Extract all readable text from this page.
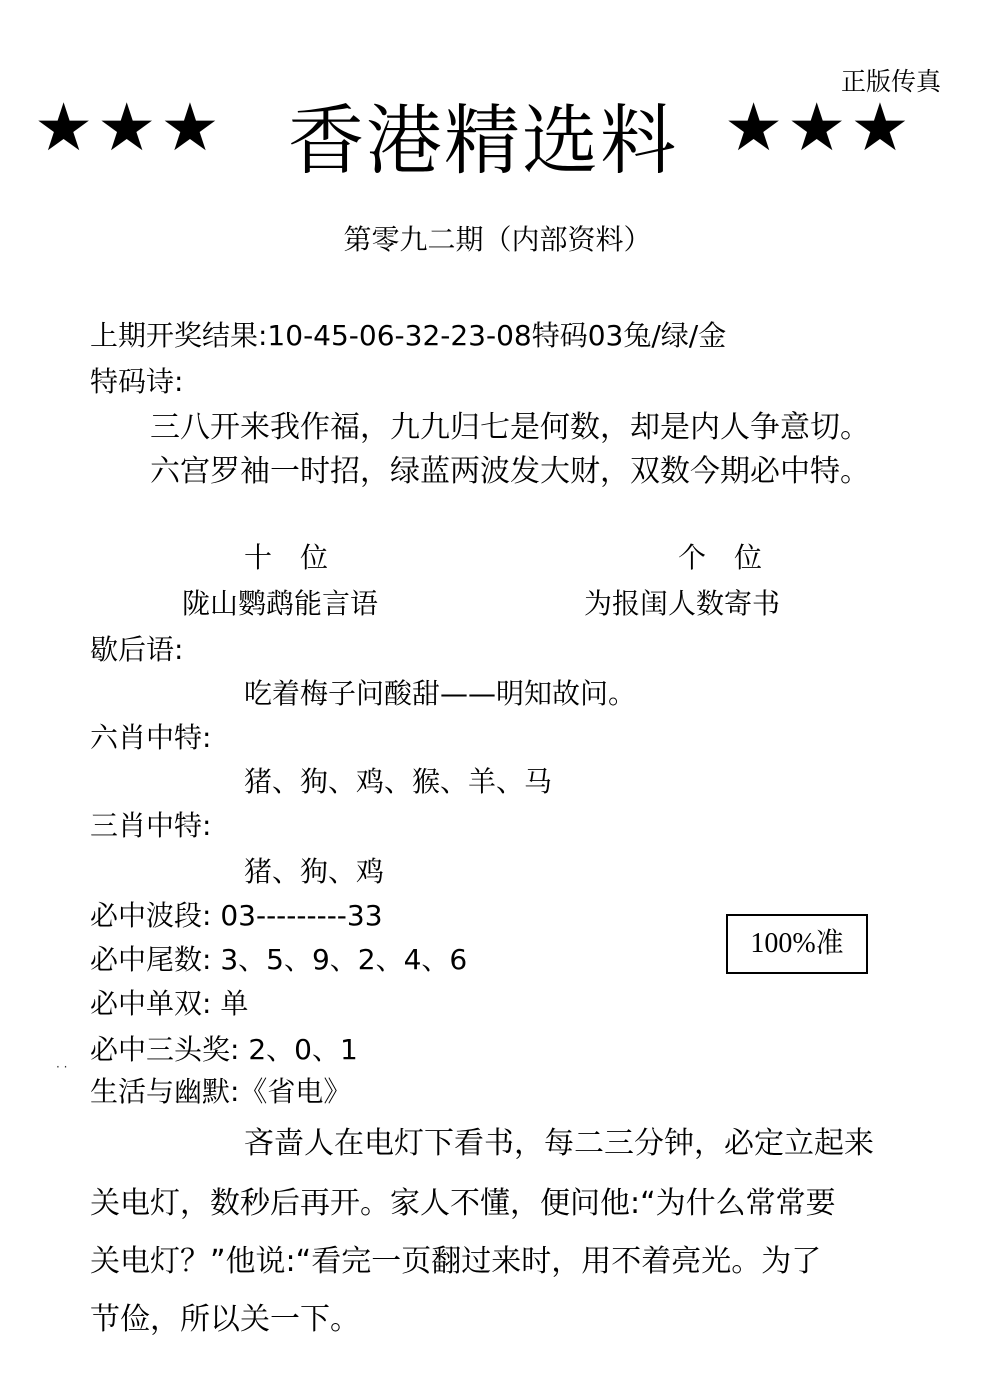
正版传真
★★★ 香港精选料 ★★★
第零九二期（内部资料）
上期开奖结果:10-45-06-32-23-08特码03兔/绿/金
特码诗:
三八开来我作福，九九归七是何数，却是内人争意切。
六宫罗袖一时招，绿蓝两波发大财，双数今期必中特。
十　位	个　位
陇山鹦鹉能言语	为报闺人数寄书
歇后语:
吃着梅子问酸甜——明知故问。
六肖中特:
猪、狗、鸡、猴、羊、马
三肖中特:
猪、狗、鸡
必中波段: 03---------33
必中尾数: 3、5、9、2、4、6
必中单双: 单
必中三头奖: 2、0、1
生活与幽默:《省电》
吝啬人在电灯下看书，每二三分钟，必定立起来
关电灯，数秒后再开。家人不懂，便问他:“为什么常常要
关电灯？”他说:“看完一页翻过来时，用不着亮光。为了
节俭，所以关一下。
100%准
· ·
